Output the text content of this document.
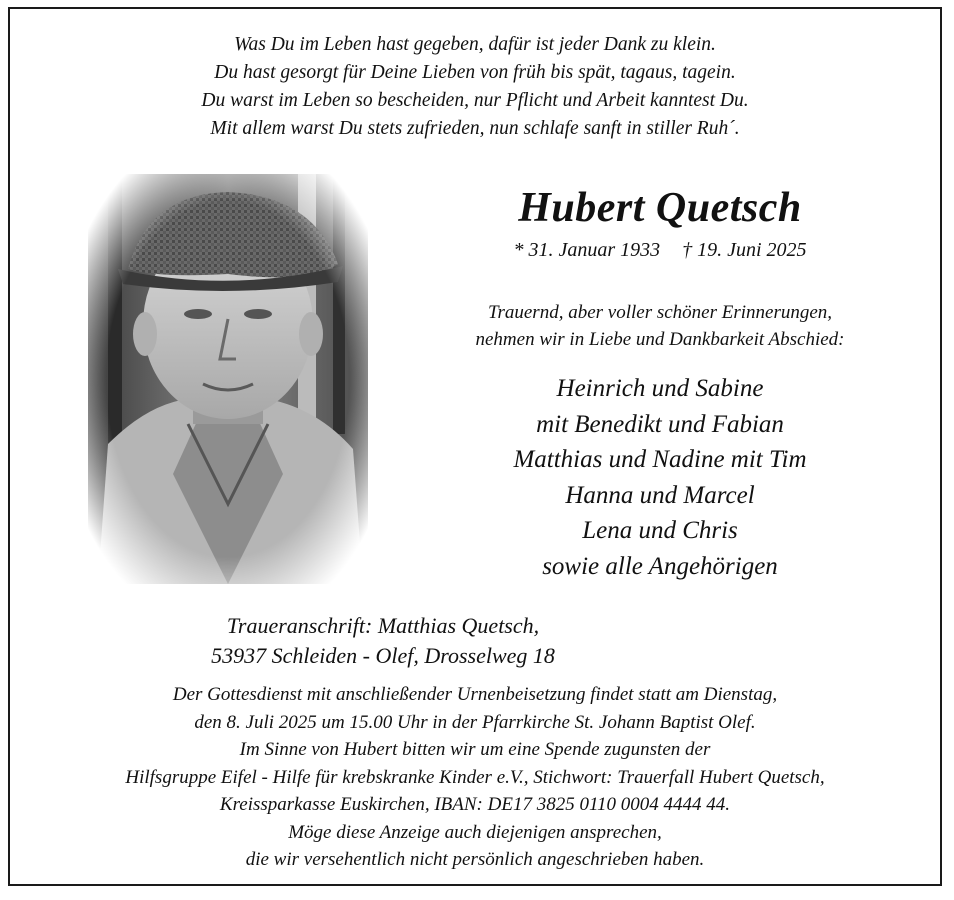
Was Du im Leben hast gegeben, dafür ist jeder Dank zu klein.
Du hast gesorgt für Deine Lieben von früh bis spät, tagaus, tagein.
Du warst im Leben so bescheiden, nur Pflicht und Arbeit kanntest Du.
Mit allem warst Du stets zufrieden, nun schlafe sanft in stiller Ruh´.
Hubert Quetsch
* 31. Januar 1933 † 19. Juni 2025
Trauernd, aber voller schöner Erinnerungen,
nehmen wir in Liebe und Dankbarkeit Abschied:
Heinrich und Sabine
mit Benedikt und Fabian
Matthias und Nadine mit Tim
Hanna und Marcel
Lena und Chris
sowie alle Angehörigen
Traueranschrift: Matthias Quetsch,
53937 Schleiden - Olef, Drosselweg 18
Der Gottesdienst mit anschließender Urnenbeisetzung findet statt am Dienstag,
den 8. Juli 2025 um 15.00 Uhr in der Pfarrkirche St. Johann Baptist Olef.
Im Sinne von Hubert bitten wir um eine Spende zugunsten der
Hilfsgruppe Eifel - Hilfe für krebskranke Kinder e.V., Stichwort: Trauerfall Hubert Quetsch,
Kreissparkasse Euskirchen, IBAN: DE17 3825 0110 0004 4444 44.
Möge diese Anzeige auch diejenigen ansprechen,
die wir versehentlich nicht persönlich angeschrieben haben.
